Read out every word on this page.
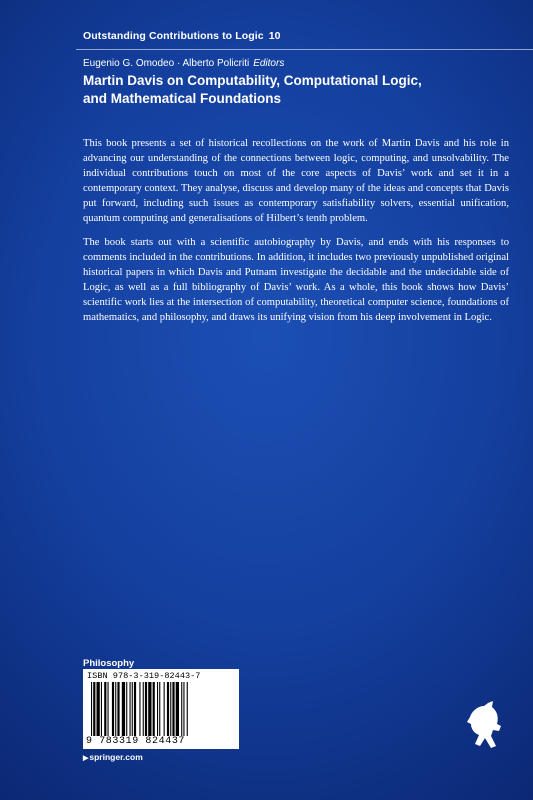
Outstanding Contributions to Logic 10
Eugenio G. Omodeo · Alberto Policriti Editors
Martin Davis on Computability, Computational Logic,
and Mathematical Foundations

This book presents a set of historical recollections on the work of Martin Davis and his role in advancing our understanding of the connections between logic, computing, and unsolvability. The individual contributions touch on most of the core aspects of Davis’ work and set it in a contemporary context. They analyse, discuss and develop many of the ideas and concepts that Davis put forward, including such issues as contemporary satisfiability solvers, essential unification, quantum computing and generalisations of Hilbert’s tenth problem.

The book starts out with a scientific autobiography by Davis, and ends with his responses to comments included in the contributions. In addition, it includes two previously unpublished original historical papers in which Davis and Putnam investigate the decidable and the undecidable side of Logic, as well as a full bibliography of Davis’ work. As a whole, this book shows how Davis’ scientific work lies at the intersection of computability, theoretical computer science, foundations of mathematics, and philosophy, and draws its unifying vision from his deep involvement in Logic.

Philosophy
ISBN 978-3-319-82443-7
9 783319 824437
▶springer.com
